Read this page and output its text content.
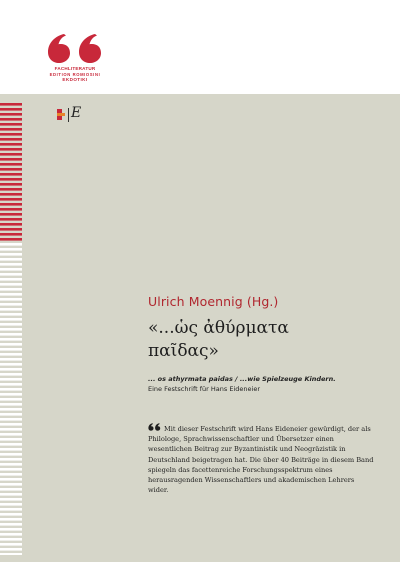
FACHLITERATUR
EDITION ROMIOSINI
EKDOTIKI
E
Ulrich Moennig (Hg.)
«...ὡς ἀθύρματα
παῖδας»
... os athyrmata paidas / ...wie Spielzeuge Kindern.
Eine Festschrift für Hans Eideneier
Mit dieser Festschrift wird Hans Eideneier gewürdigt, der als Philologe, Sprachwissenschaftler und Übersetzer einen wesentlichen Beitrag zur Byzantinistik und Neogräzistik in Deutschland beigetragen hat. Die über 40 Beiträge in diesem Band spiegeln das facettenreiche Forschungsspektrum eines herausragenden Wissenschaftlers und akademischen Lehrers wider.
